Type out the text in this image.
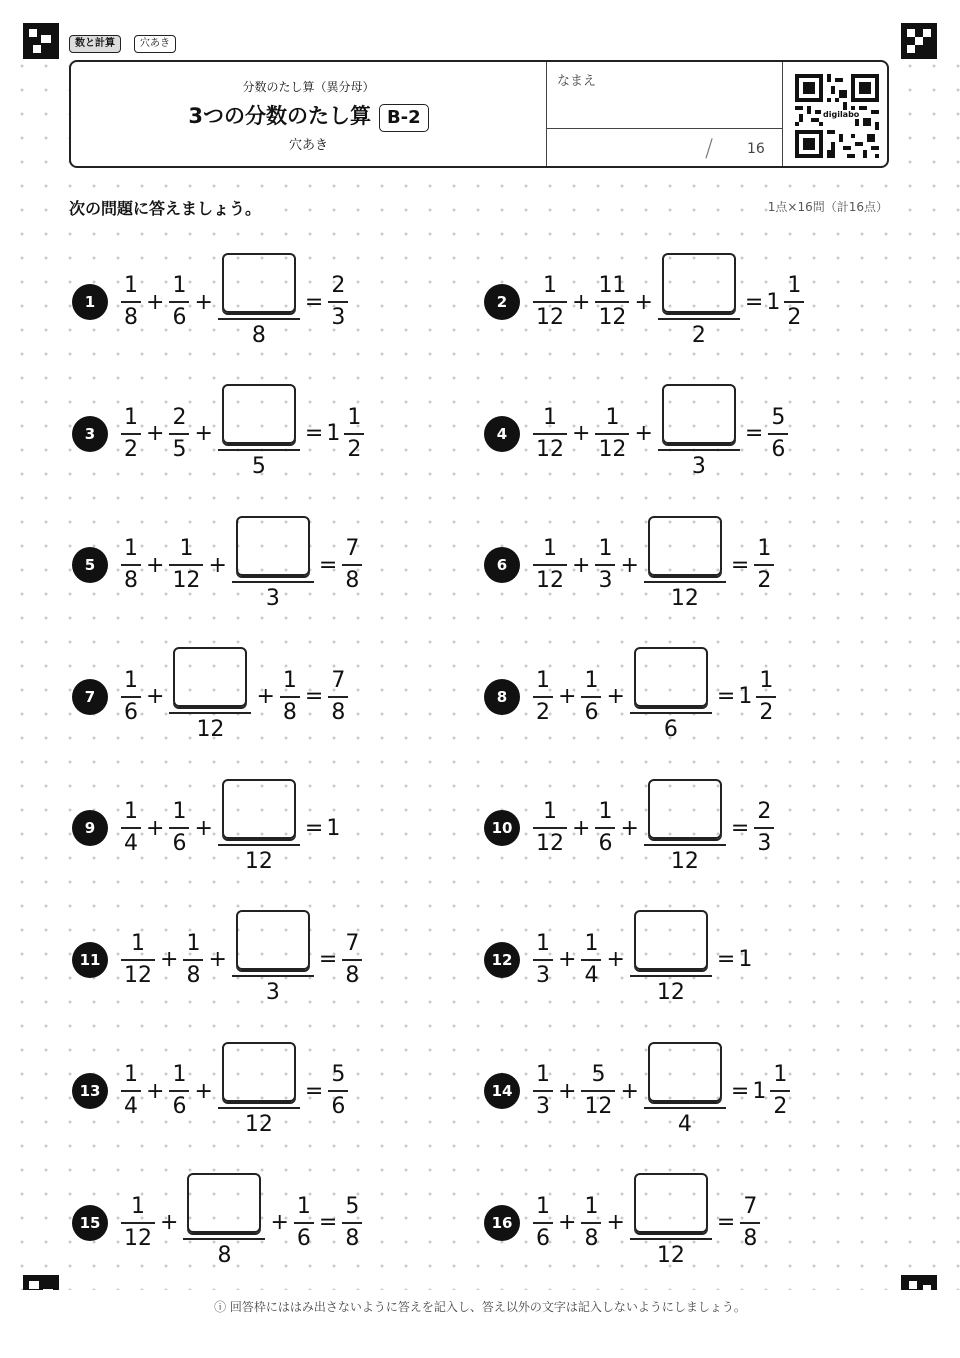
数と計算	穴あき
分数のたし算（異分母）
3つの分数のたし算 B-2
穴あき
なまえ
/ 16
digilabo
次の問題に答えましょう。	1点×16問（計16点）
1	$\frac{1}{8} + \frac{1}{6}$ +
8
= $\frac{2}{3}$	2	$\frac{1}{12} + \frac{11}{12}$ +
2
= $1 \frac{1}{2}$
3	$\frac{1}{2} + \frac{2}{5}$ +
5
= $1 \frac{1}{2}$	4	$\frac{1}{12} + \frac{1}{12}$ +
3
= $\frac{5}{6}$
5	$\frac{1}{8} + \frac{1}{12}$ +
3
= $\frac{7}{8}$	6	$\frac{1}{12} + \frac{1}{3}$ +
12
= $\frac{1}{2}$
7	$\frac{1}{6}$ +
12
+ $\frac{1}{8} = \frac{7}{8}$	8	$\frac{1}{2} + \frac{1}{6}$ +
6
= $1 \frac{1}{2}$
9	$\frac{1}{4} + \frac{1}{6}$ +
12
= 1	$10 \frac{1}{12} + \frac{1}{6}$ +
12
= $\frac{2}{3}$
$11 \frac{1}{12} + \frac{1}{8}$ +
3
= $\frac{7}{8}$	$12 \frac{1}{3} + \frac{1}{4}$ +
12
= 1
$13 \frac{1}{4} + \frac{1}{6}$ +
12
= $\frac{5}{6}$	$14 \frac{1}{3} + \frac{5}{12}$ +
4
= $1 \frac{1}{2}$
$15 \frac{1}{12}$ +
8
+ $\frac{1}{6} = \frac{5}{8}$	$16 \frac{1}{6} + \frac{1}{8}$ +
12
= $\frac{7}{8}$
ⓘ 回答枠にははみ出さないように答えを記入し、答え以外の文字は記入しないようにしましょう。
